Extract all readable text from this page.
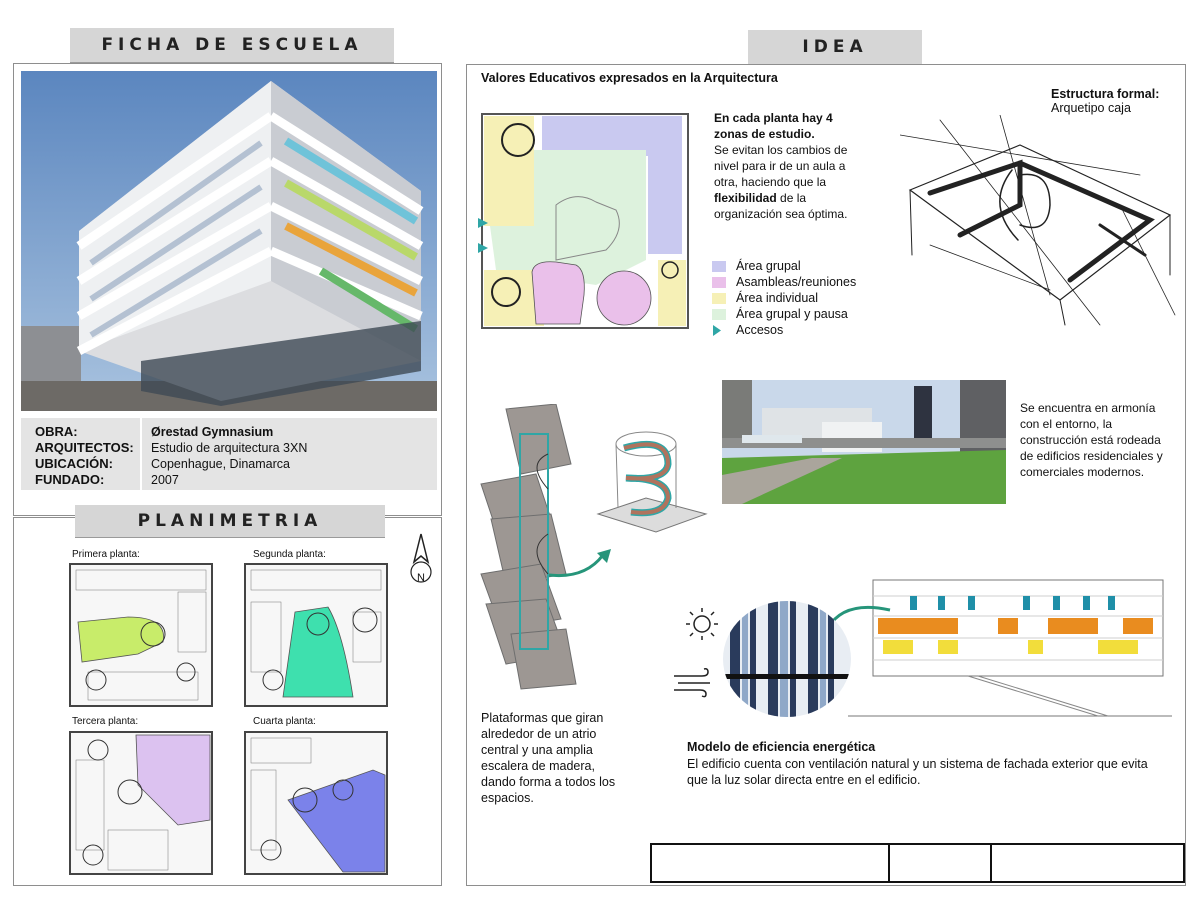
FICHA DE ESCUELA
OBRA:
ARQUITECTOS:
UBICACIÓN:
FUNDADO:
Ørestad Gymnasium
Estudio de arquitectura 3XN
Copenhague, Dinamarca
2007
PLANIMETRIA
N
Primera planta:	Segunda planta:
Tercera planta:	Cuarta planta:
IDEA
Valores Educativos expresados en la Arquitectura
En cada planta hay 4 zonas de estudio.
Se evitan los cambios de nivel para ir de un aula a otra, haciendo que la flexibilidad de la organización sea óptima.
Área grupal
Asambleas/reuniones
Área individual
Área grupal y pausa
Accesos
Estructura formal:
Arquetipo caja
Se encuentra en armonía con el entorno, la construcción está rodeada de edificios residenciales y comerciales modernos.
Plataformas que giran alrededor de un atrio central y una amplia escalera de madera, dando forma a todos los espacios.
Modelo de eficiencia energética
El edificio cuenta con ventilación natural y un sistema de fachada exterior que evita que la luz solar directa entre en el edificio.
